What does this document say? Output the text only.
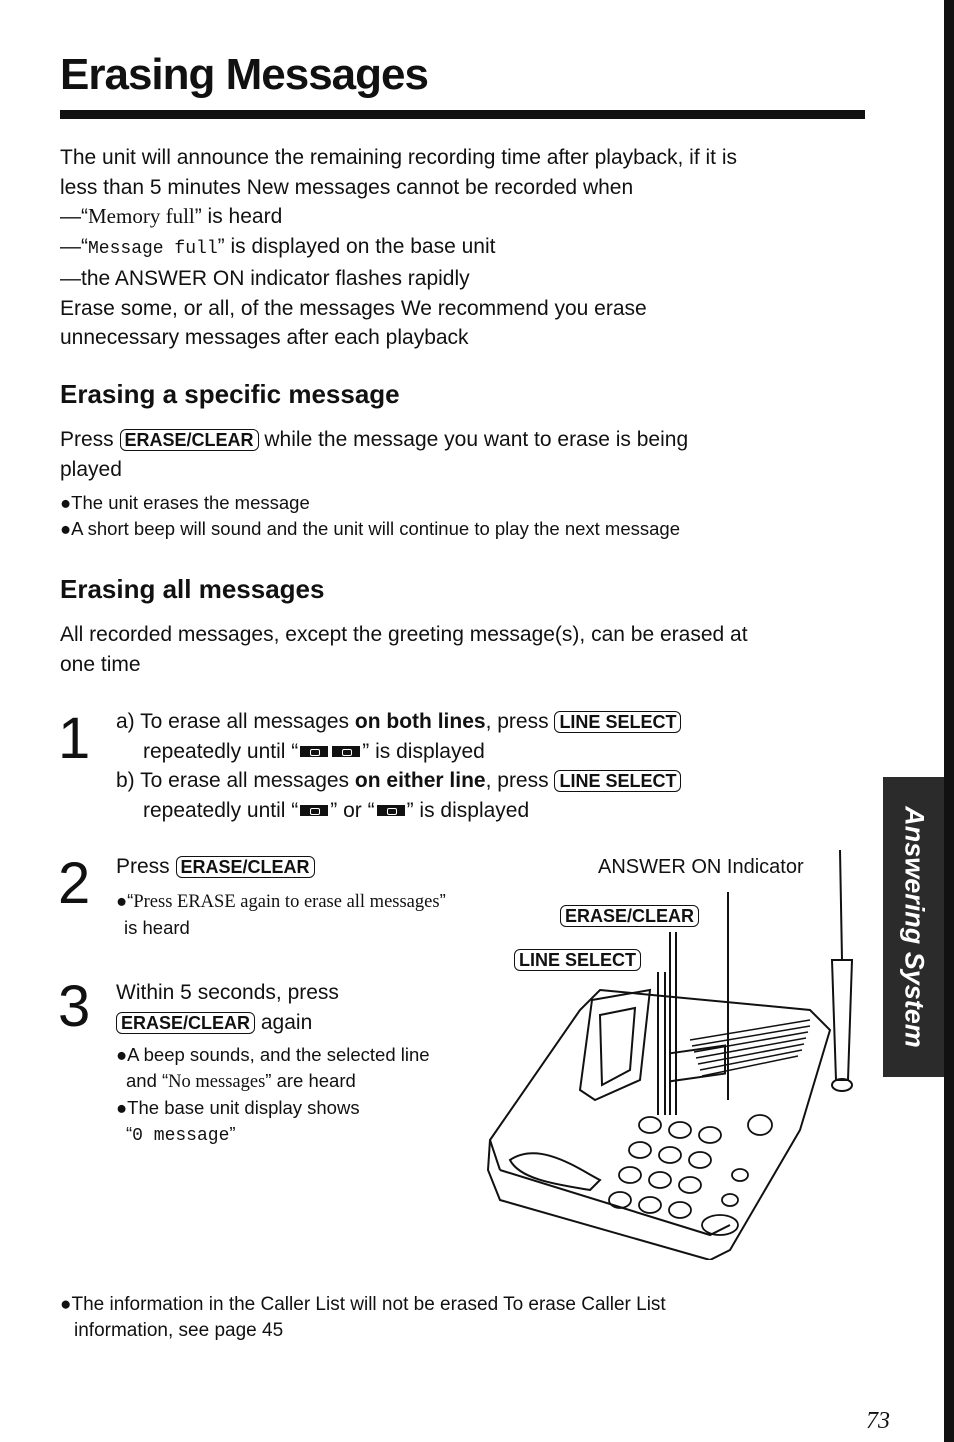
Erasing Messages
The unit will announce the remaining recording time after playback, if it is
less than 5 minutes New messages cannot be recorded when
—“Memory full” is heard
—“Message full” is displayed on the base unit
—the ANSWER ON indicator flashes rapidly
Erase some, or all, of the messages We recommend you erase
unnecessary messages after each playback
Erasing a specific message
Press ERASE/CLEAR while the message you want to erase is being
played
●The unit erases the message
●A short beep will sound and the unit will continue to play the next message
Erasing all messages
All recorded messages, except the greeting message(s), can be erased at
one time
1 a) To erase all messages on both lines, press LINE SELECT
repeatedly until “	” is displayed
b) To erase all messages on either line, press LINE SELECT
repeatedly until “ ” or “ ” is displayed
2 Press ERASE/CLEAR
●“Press ERASE again to erase all messages”
is heard
3 Within 5 seconds, press
ERASE/CLEAR again
●A beep sounds, and the selected line
and “No messages” are heard
●The base unit display shows
“0 message”
ANSWER ON Indicator
ERASE/CLEAR
LINE SELECT
●The information in the Caller List will not be erased To erase Caller List
information, see page 45
Answering System
73
